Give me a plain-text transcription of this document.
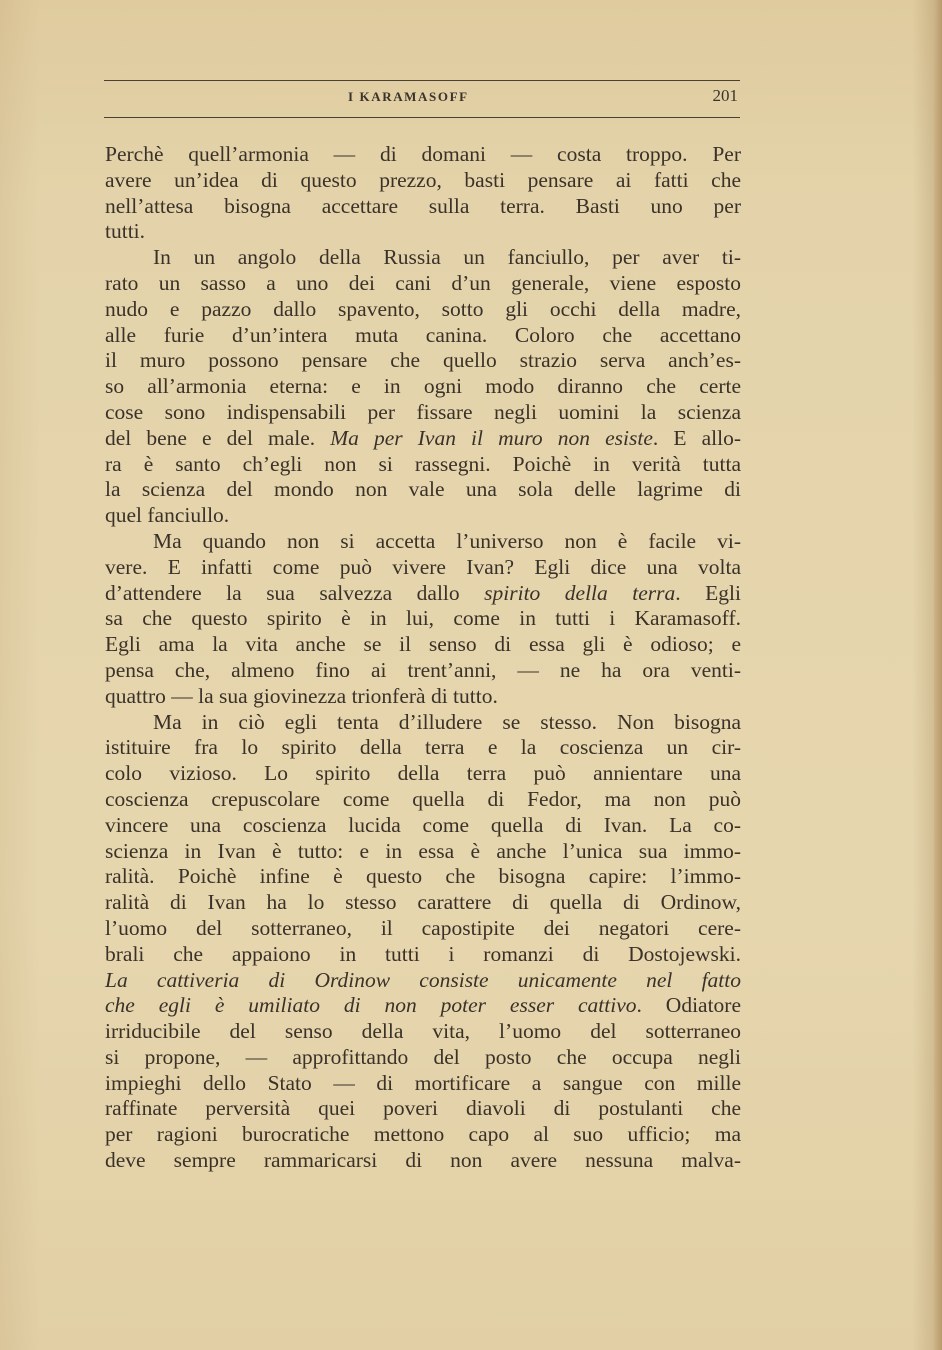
I KARAMASOFF	201
Perchè quell’armonia — di domani — costa troppo. Per
avere un’idea di questo prezzo, basti pensare ai fatti che
nell’attesa bisogna accettare sulla terra. Basti uno per
tutti.
In un angolo della Russia un fanciullo, per aver ti-
rato un sasso a uno dei cani d’un generale, viene esposto
nudo e pazzo dallo spavento, sotto gli occhi della madre,
alle furie d’un’intera muta canina. Coloro che accettano
il muro possono pensare che quello strazio serva anch’es-
so all’armonia eterna: e in ogni modo diranno che certe
cose sono indispensabili per fissare negli uomini la scienza
del bene e del male. Ma per Ivan il muro non esiste. E allo-
ra è santo ch’egli non si rassegni. Poichè in verità tutta
la scienza del mondo non vale una sola delle lagrime di
quel fanciullo.
Ma quando non si accetta l’universo non è facile vi-
vere. E infatti come può vivere Ivan? Egli dice una volta
d’attendere la sua salvezza dallo spirito della terra. Egli
sa che questo spirito è in lui, come in tutti i Karamasoff.
Egli ama la vita anche se il senso di essa gli è odioso; e
pensa che, almeno fino ai trent’anni, — ne ha ora venti-
quattro — la sua giovinezza trionferà di tutto.
Ma in ciò egli tenta d’illudere se stesso. Non bisogna
istituire fra lo spirito della terra e la coscienza un cir-
colo vizioso. Lo spirito della terra può annientare una
coscienza crepuscolare come quella di Fedor, ma non può
vincere una coscienza lucida come quella di Ivan. La co-
scienza in Ivan è tutto: e in essa è anche l’unica sua immo-
ralità. Poichè infine è questo che bisogna capire: l’immo-
ralità di Ivan ha lo stesso carattere di quella di Ordinow,
l’uomo del sotterraneo, il capostipite dei negatori cere-
brali che appaiono in tutti i romanzi di Dostojewski.
La cattiveria di Ordinow consiste unicamente nel fatto
che egli è umiliato di non poter esser cattivo. Odiatore
irriducibile del senso della vita, l’uomo del sotterraneo
si propone, — approfittando del posto che occupa negli
impieghi dello Stato — di mortificare a sangue con mille
raffinate perversità quei poveri diavoli di postulanti che
per ragioni burocratiche mettono capo al suo ufficio; ma
deve sempre rammaricarsi di non avere nessuna malva-
